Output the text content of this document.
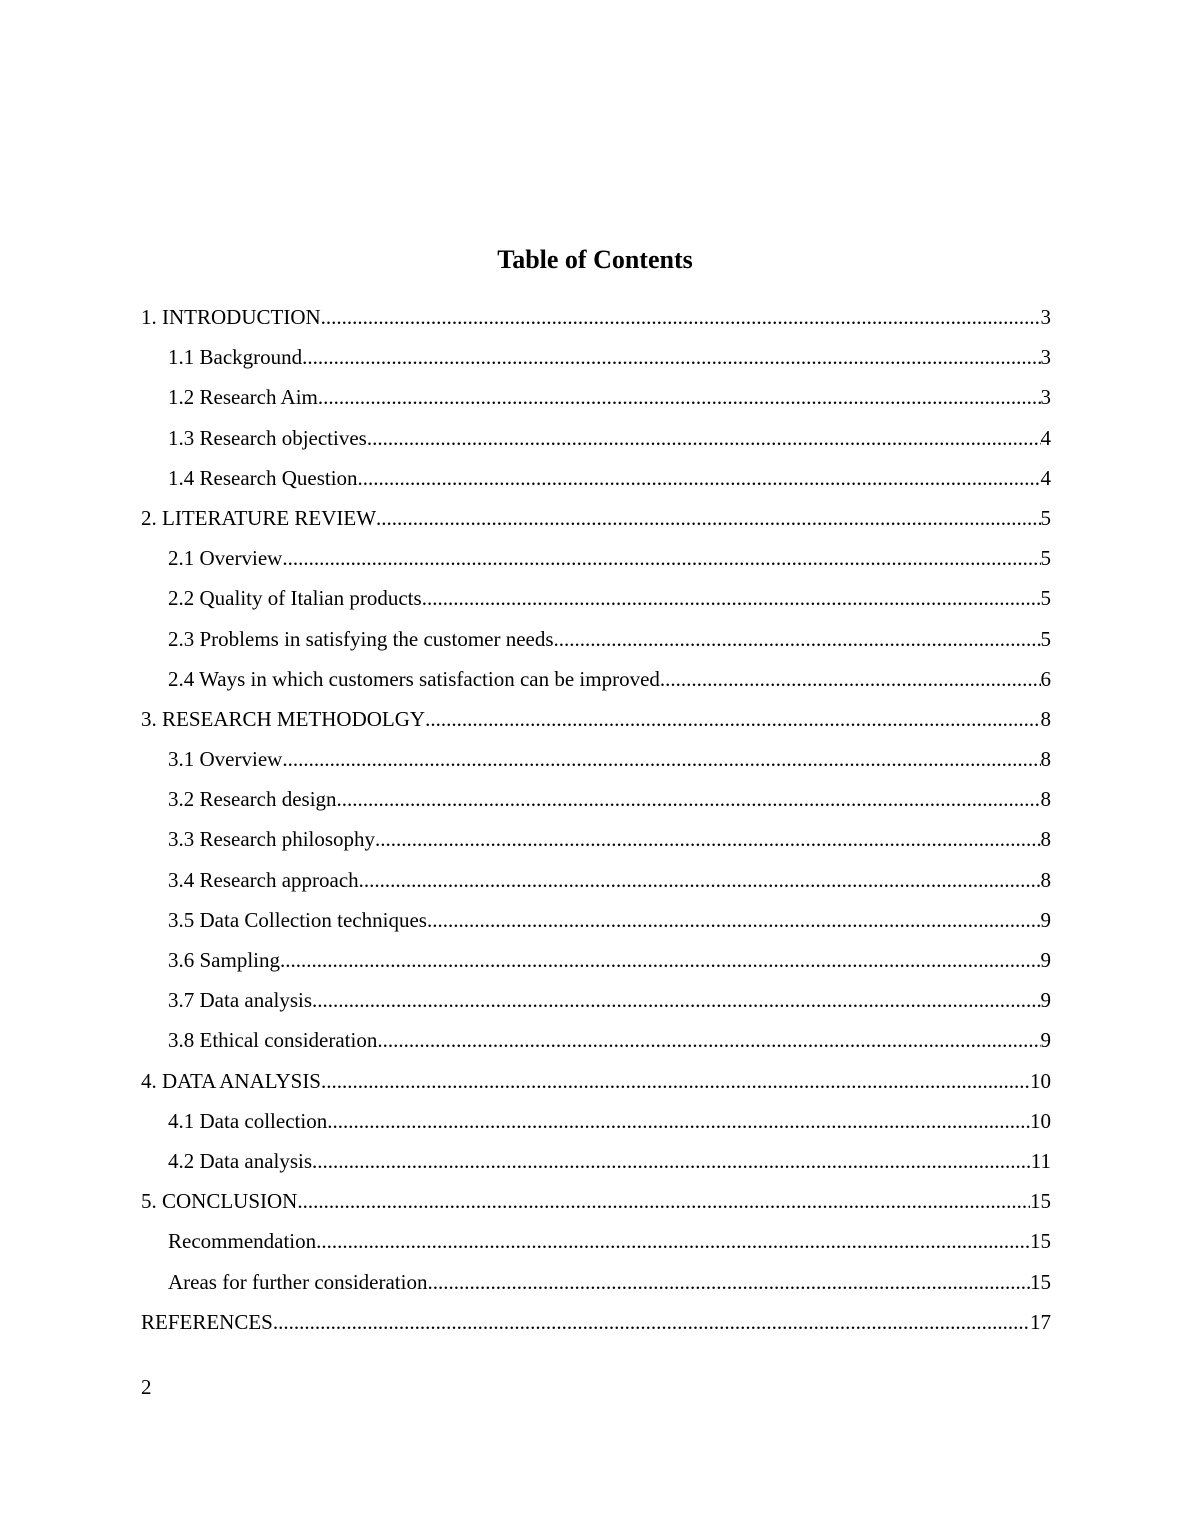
Table of Contents
1. INTRODUCTION .....	3
1.1 Background .....	3
1.2 Research Aim .....	3
1.3 Research objectives .....	4
1.4 Research Question .....	4
2. LITERATURE REVIEW .....	5
2.1 Overview .....	5
2.2 Quality of Italian products .....	5
2.3 Problems in satisfying the customer needs .....	5
2.4 Ways in which customers satisfaction can be improved .....	6
3. RESEARCH METHODOLGY .....	8
3.1 Overview .....	8
3.2 Research design .....	8
3.3 Research philosophy .....	8
3.4 Research approach .....	8
3.5 Data Collection techniques .....	9
3.6 Sampling .....	9
3.7 Data analysis .....	9
3.8 Ethical consideration .....	9
4. DATA ANALYSIS .....	10
4.1 Data collection .....	10
4.2 Data analysis .....	11
5. CONCLUSION .....	15
Recommendation .....	15
Areas for further consideration .....	15
REFERENCES .....	17
2
